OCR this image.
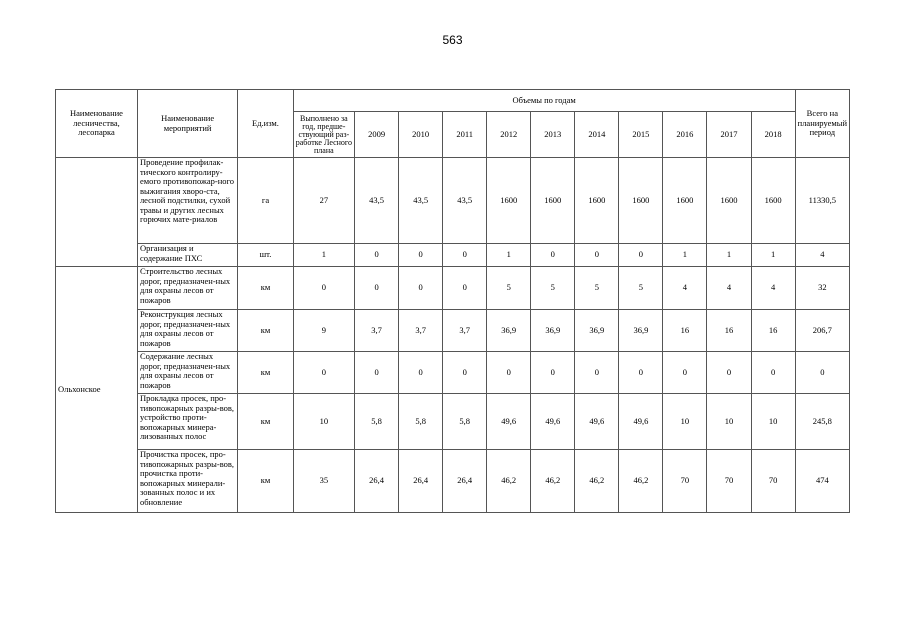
563
Наименование лесничества, лесопарка	Наименование мероприятий	Ед.изм.	Объемы по годам											Всего на планируемый период
			Выполнено за год, предше-ствующий раз-работке Лесного плана	2009	2010	2011	2012	2013	2014	2015	2016	2017	2018	
	Проведение профилак-тического контролиру-емого противопожар-ного выжигания хворо-ста, лесной подстилки, сухой травы и других лесных горючих мате-риалов	га	27	43,5	43,5	43,5	1600	1600	1600	1600	1600	1600	1600	11330,5
	Организация и содержание ПХС	шт.	1	0	0	0	1	0	0	0	1	1	1	4
Ольхонское	Строительство лесных дорог, предназначен-ных для охраны лесов от пожаров	км	0	0	0	0	5	5	5	5	4	4	4	32
	Реконструкция лесных дорог, предназначен-ных для охраны лесов от пожаров	км	9	3,7	3,7	3,7	36,9	36,9	36,9	36,9	16	16	16	206,7
	Содержание лесных дорог, предназначен-ных для охраны лесов от пожаров	км	0	0	0	0	0	0	0	0	0	0	0	0
	Прокладка просек, про-тивопожарных разры-вов, устройство проти-вопожарных минера-лизованных полос	км	10	5,8	5,8	5,8	49,6	49,6	49,6	49,6	10	10	10	245,8
	Прочистка просек, про-тивопожарных разры-вов, прочистка проти-вопожарных минерали-зованных полос и их обновление	км	35	26,4	26,4	26,4	46,2	46,2	46,2	46,2	70	70	70	474
